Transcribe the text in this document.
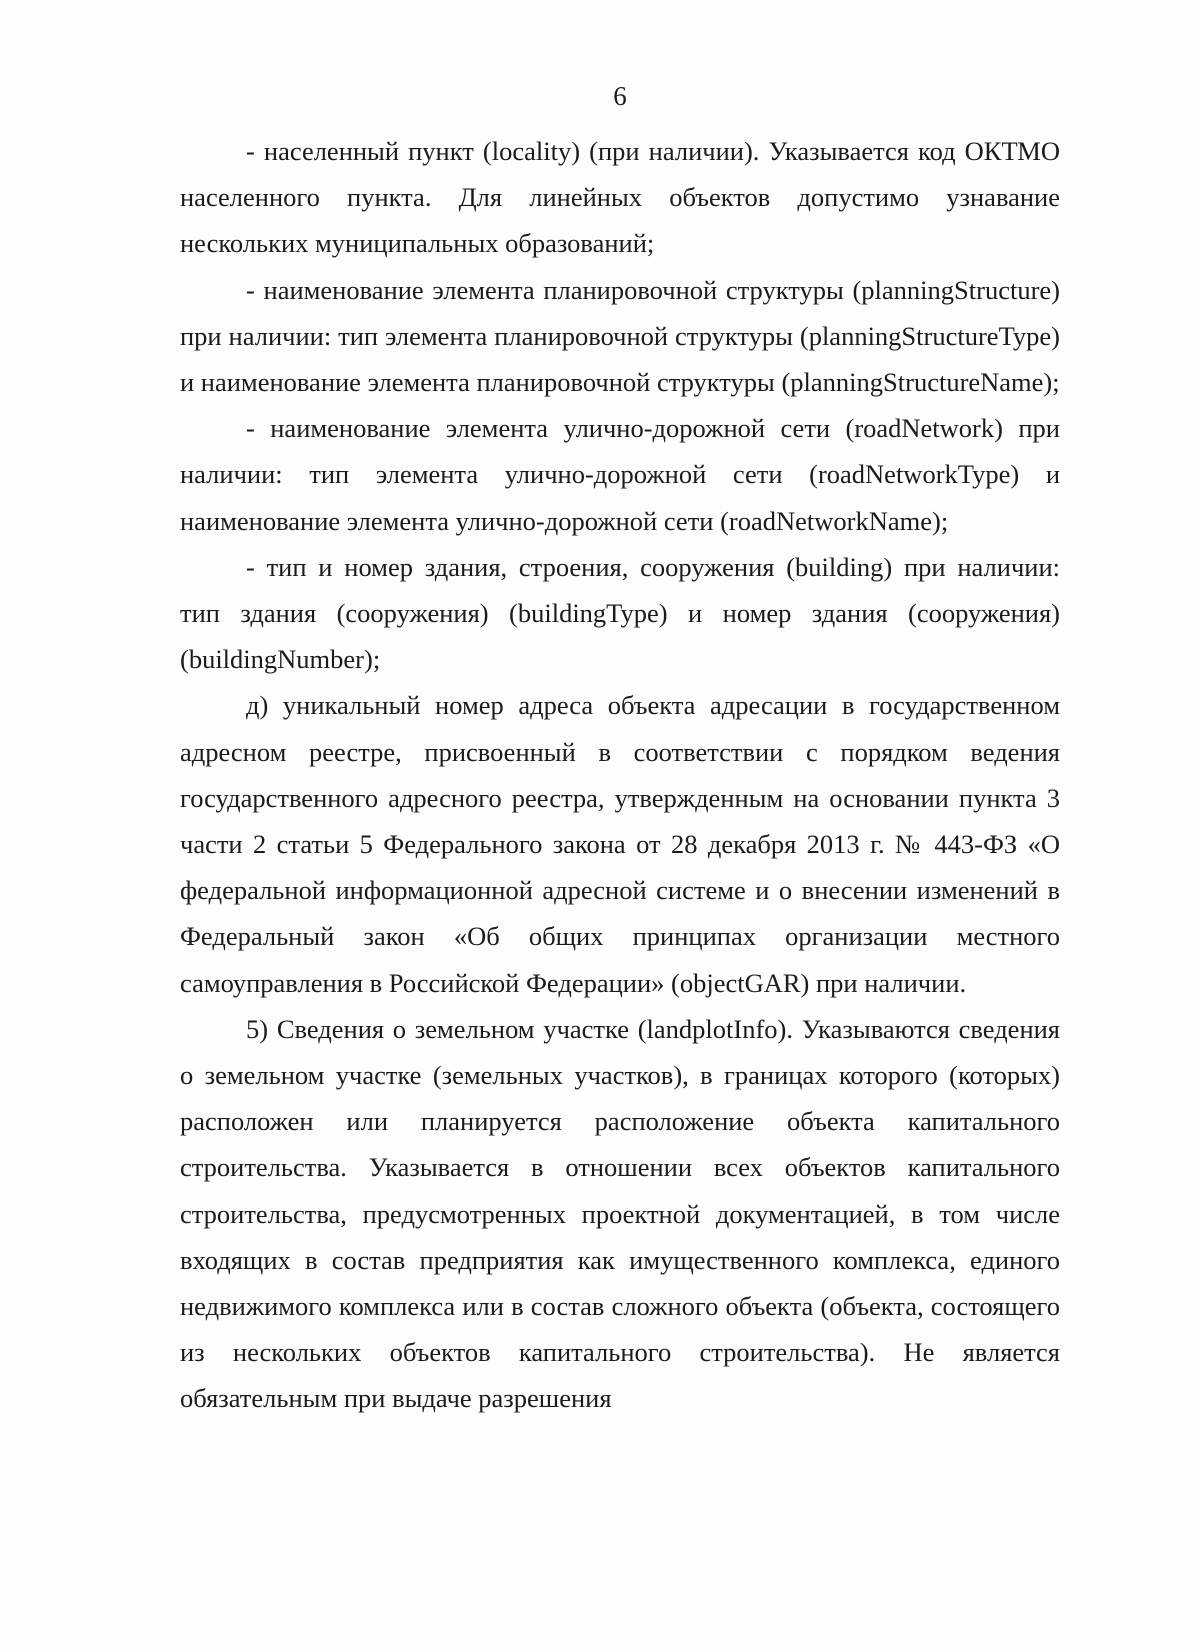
6

- населенный пункт (locality) (при наличии). Указывается код ОКТМО населенного пункта. Для линейных объектов допустимо узнавание нескольких муниципальных образований;

- наименование элемента планировочной структуры (planningStructure) при наличии: тип элемента планировочной структуры (planningStructureType) и наименование элемента планировочной структуры (planningStructureName);

- наименование элемента улично-дорожной сети (roadNetwork) при наличии: тип элемента улично-дорожной сети (roadNetworkType) и наименование элемента улично-дорожной сети (roadNetworkName);

- тип и номер здания, строения, сооружения (building) при наличии: тип здания (сооружения) (buildingType) и номер здания (сооружения) (buildingNumber);

д) уникальный номер адреса объекта адресации в государственном адресном реестре, присвоенный в соответствии с порядком ведения государственного адресного реестра, утвержденным на основании пункта 3 части 2 статьи 5 Федерального закона от 28 декабря 2013 г. № 443-ФЗ «О федеральной информационной адресной системе и о внесении изменений в Федеральный закон «Об общих принципах организации местного самоуправления в Российской Федерации» (objectGAR) при наличии.

5) Сведения о земельном участке (landplotInfo). Указываются сведения о земельном участке (земельных участков), в границах которого (которых) расположен или планируется расположение объекта капитального строительства. Указывается в отношении всех объектов капитального строительства, предусмотренных проектной документацией, в том числе входящих в состав предприятия как имущественного комплекса, единого недвижимого комплекса или в состав сложного объекта (объекта, состоящего из нескольких объектов капитального строительства). Не является обязательным при выдаче разрешения
